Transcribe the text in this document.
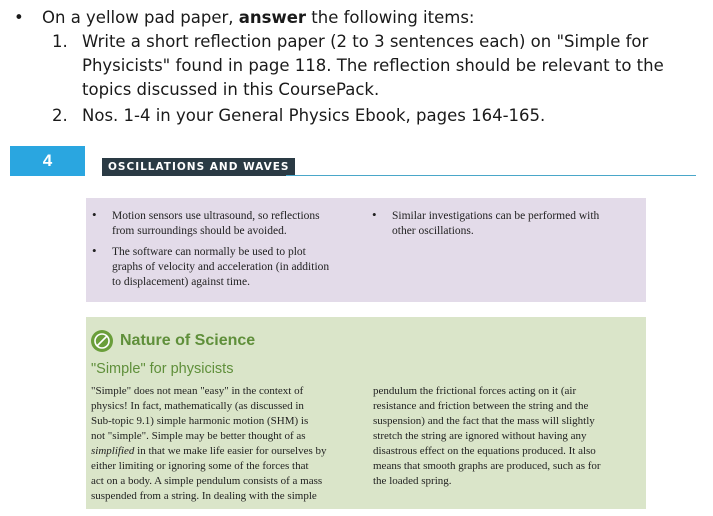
• On a yellow pad paper, answer the following items:
1. Write a short reflection paper (2 to 3 sentences each) on "Simple for
Physicists" found in page 118. The reflection should be relevant to the
topics discussed in this CoursePack.
2. Nos. 1-4 in your General Physics Ebook, pages 164-165.
4	OSCILLATIONS AND WAVES
• Motion sensors use ultrasound, so reflections
from surroundings should be avoided.
• The software can normally be used to plot
graphs of velocity and acceleration (in addition
to displacement) against time.
• Similar investigations can be performed with
other oscillations.
Nature of Science
"Simple" for physicists
"Simple" does not mean "easy" in the context of
physics! In fact, mathematically (as discussed in
Sub-topic 9.1) simple harmonic motion (SHM) is
not "simple". Simple may be better thought of as
simplified in that we make life easier for ourselves by
either limiting or ignoring some of the forces that
act on a body. A simple pendulum consists of a mass
suspended from a string. In dealing with the simple
pendulum the frictional forces acting on it (air
resistance and friction between the string and the
suspension) and the fact that the mass will slightly
stretch the string are ignored without having any
disastrous effect on the equations produced. It also
means that smooth graphs are produced, such as for
the loaded spring.
